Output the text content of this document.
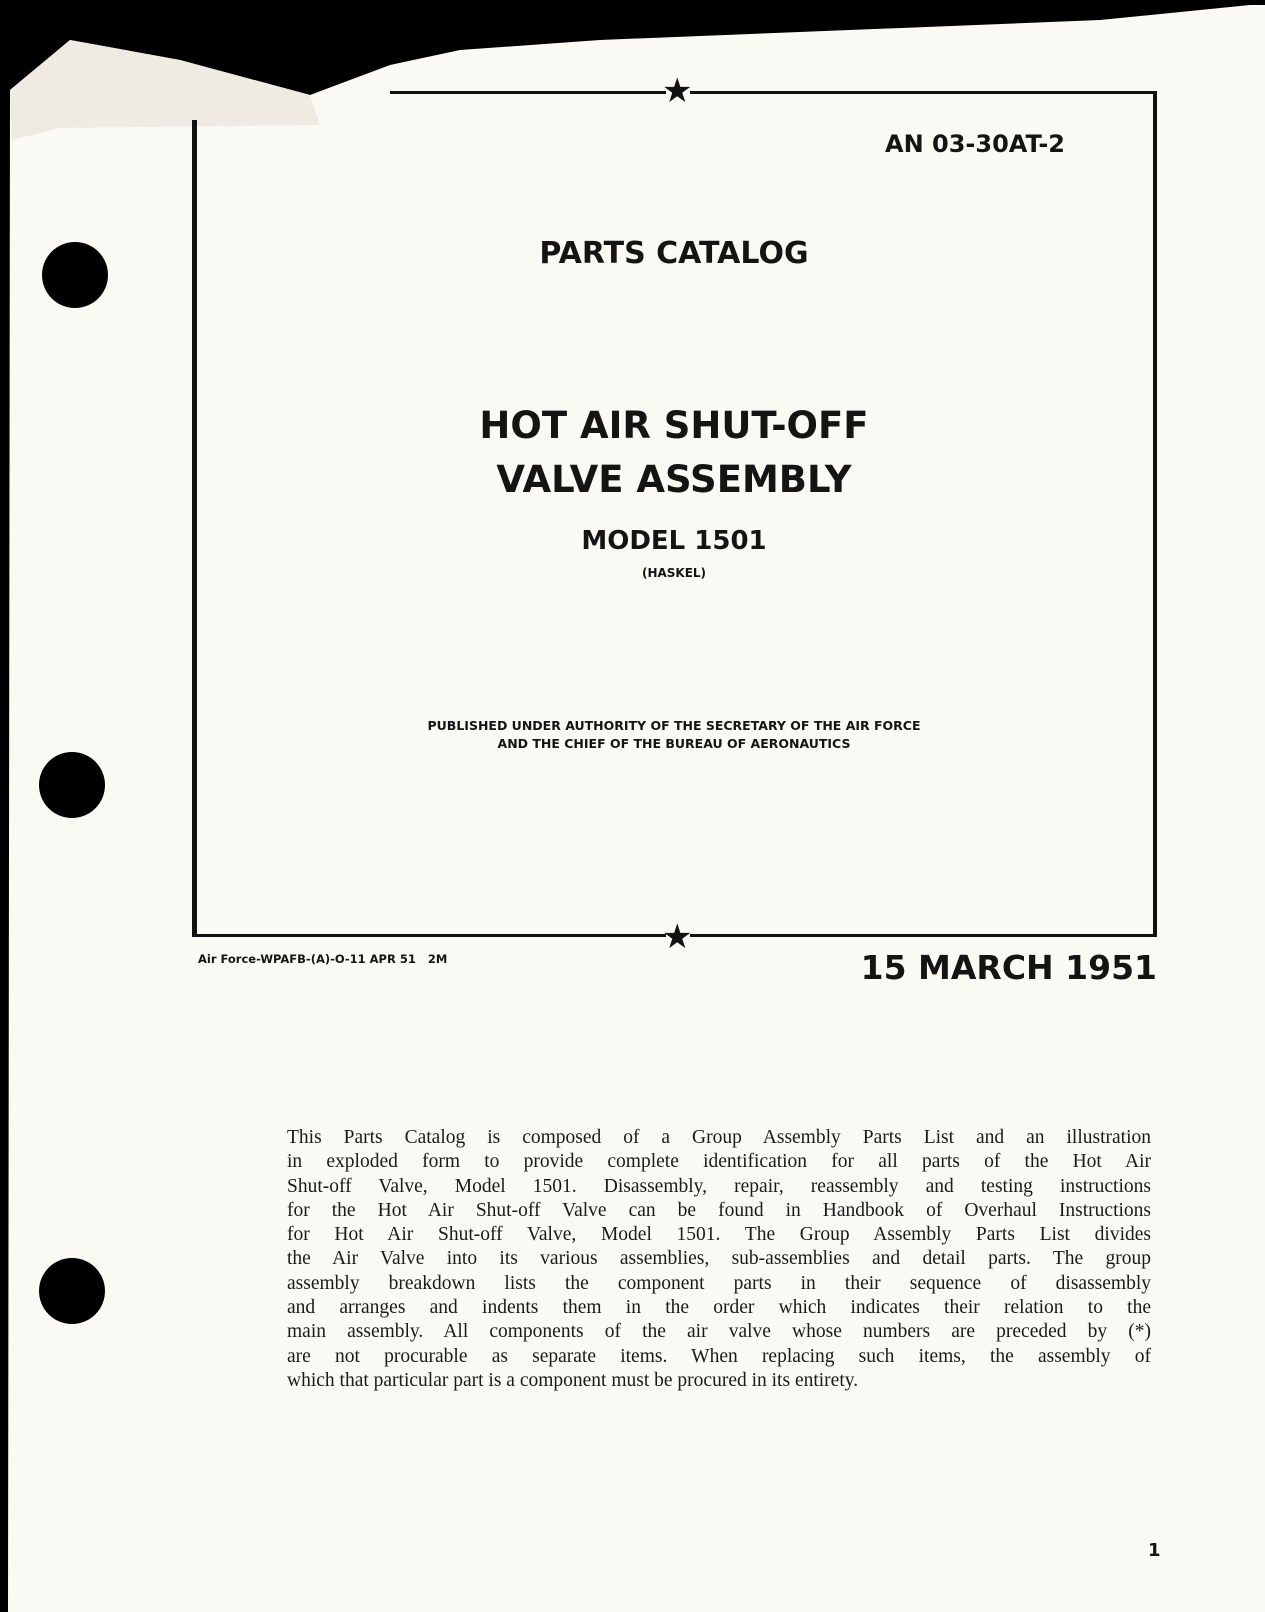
★
★
AN 03-30AT-2
PARTS CATALOG
HOT AIR SHUT-OFF
VALVE ASSEMBLY
MODEL 1501
(HASKEL)
PUBLISHED UNDER AUTHORITY OF THE SECRETARY OF THE AIR FORCE
AND THE CHIEF OF THE BUREAU OF AERONAUTICS
Air Force-WPAFB-(A)-O-11 APR 51   2M	15 MARCH 1951
This Parts Catalog is composed of a Group Assembly Parts List and an illustration
in exploded form to provide complete identification for all parts of the Hot Air
Shut-off Valve, Model 1501. Disassembly, repair, reassembly and testing instructions
for the Hot Air Shut-off Valve can be found in Handbook of Overhaul Instructions
for Hot Air Shut-off Valve, Model 1501. The Group Assembly Parts List divides
the Air Valve into its various assemblies, sub-assemblies and detail parts. The group
assembly breakdown lists the component parts in their sequence of disassembly
and arranges and indents them in the order which indicates their relation to the
main assembly. All components of the air valve whose numbers are preceded by (*)
are not procurable as separate items. When replacing such items, the assembly of
which that particular part is a component must be procured in its entirety.
1
